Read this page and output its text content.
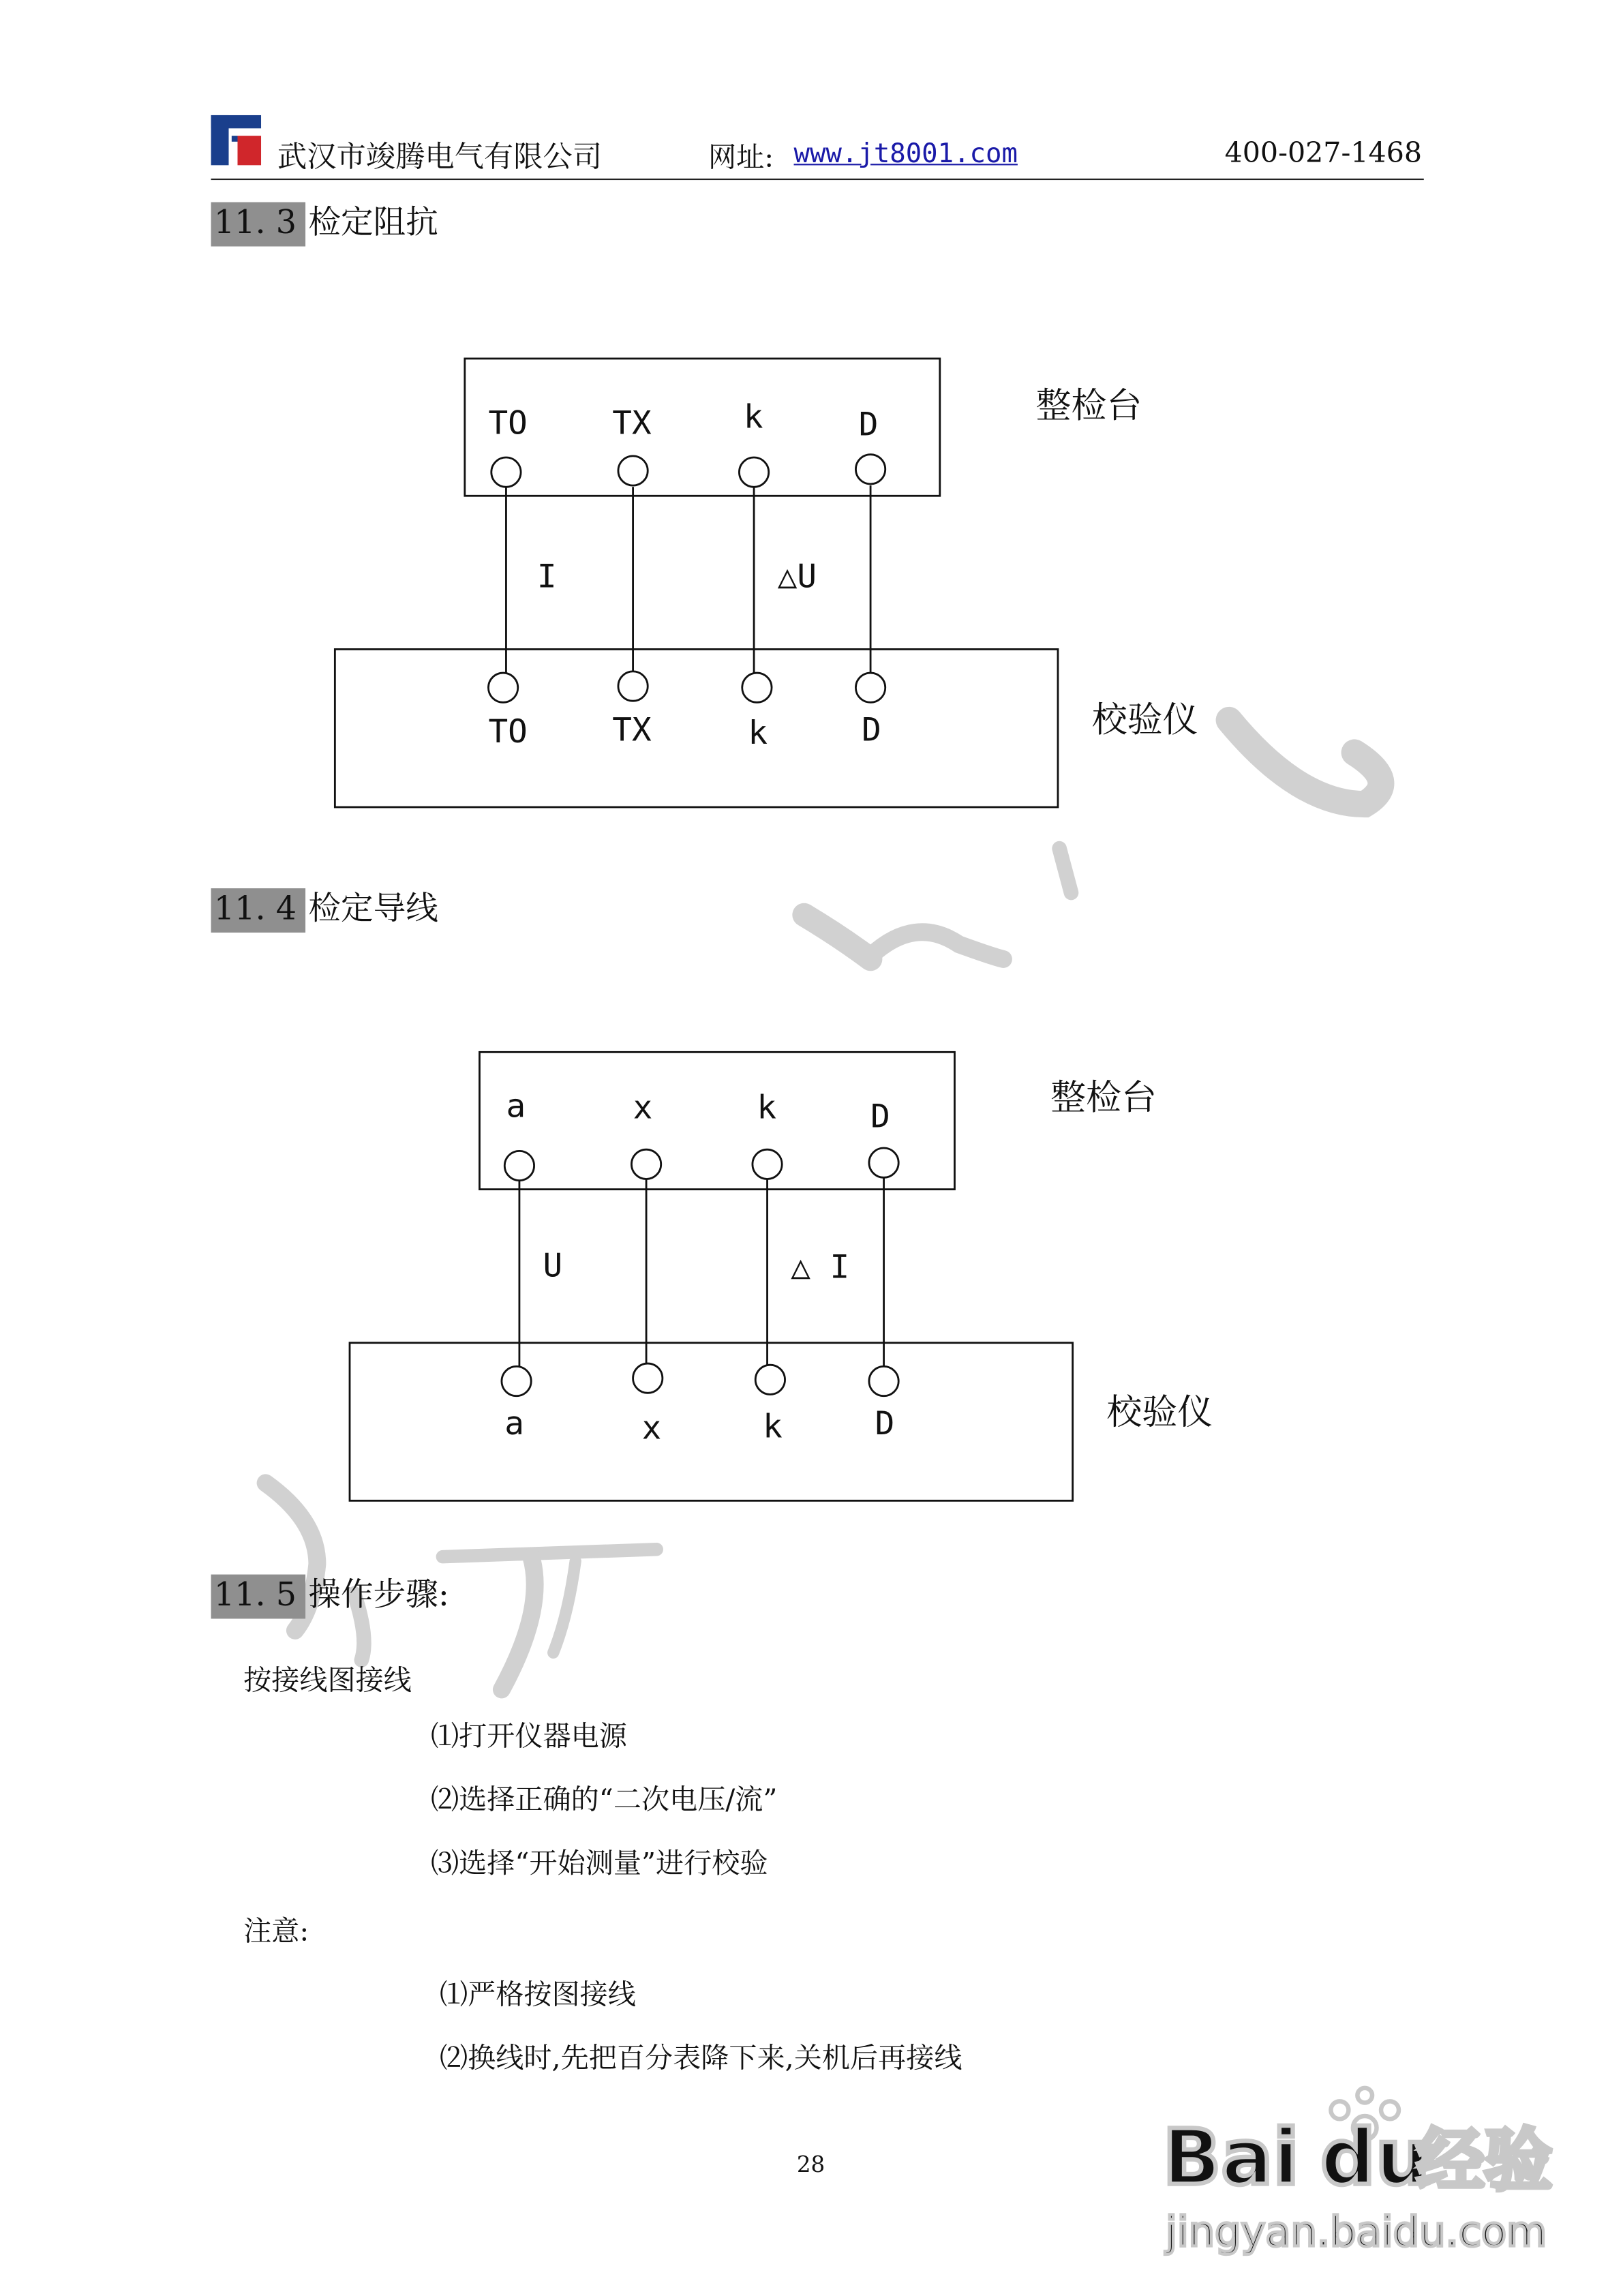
武汉市竣腾电气有限公司	网址: www.jt8001.com	400-027-1468
11. 3 检定阻抗
TO	TX	k	D
TO	TX	k	D
I	△U
整检台
校验仪
11. 4 检定导线
a	x	k	D
a	x	k	D
U	△ I
整检台
校验仪
11. 5 操作步骤:
按接线图接线
⑴打开仪器电源
⑵选择正确的“二次电压/流”
⑶选择“开始测量”进行校验
注意:
⑴严格按图接线
⑵换线时,先把百分表降下来,关机后再接线
28	Bai du
经验
jingyan.baidu.com
